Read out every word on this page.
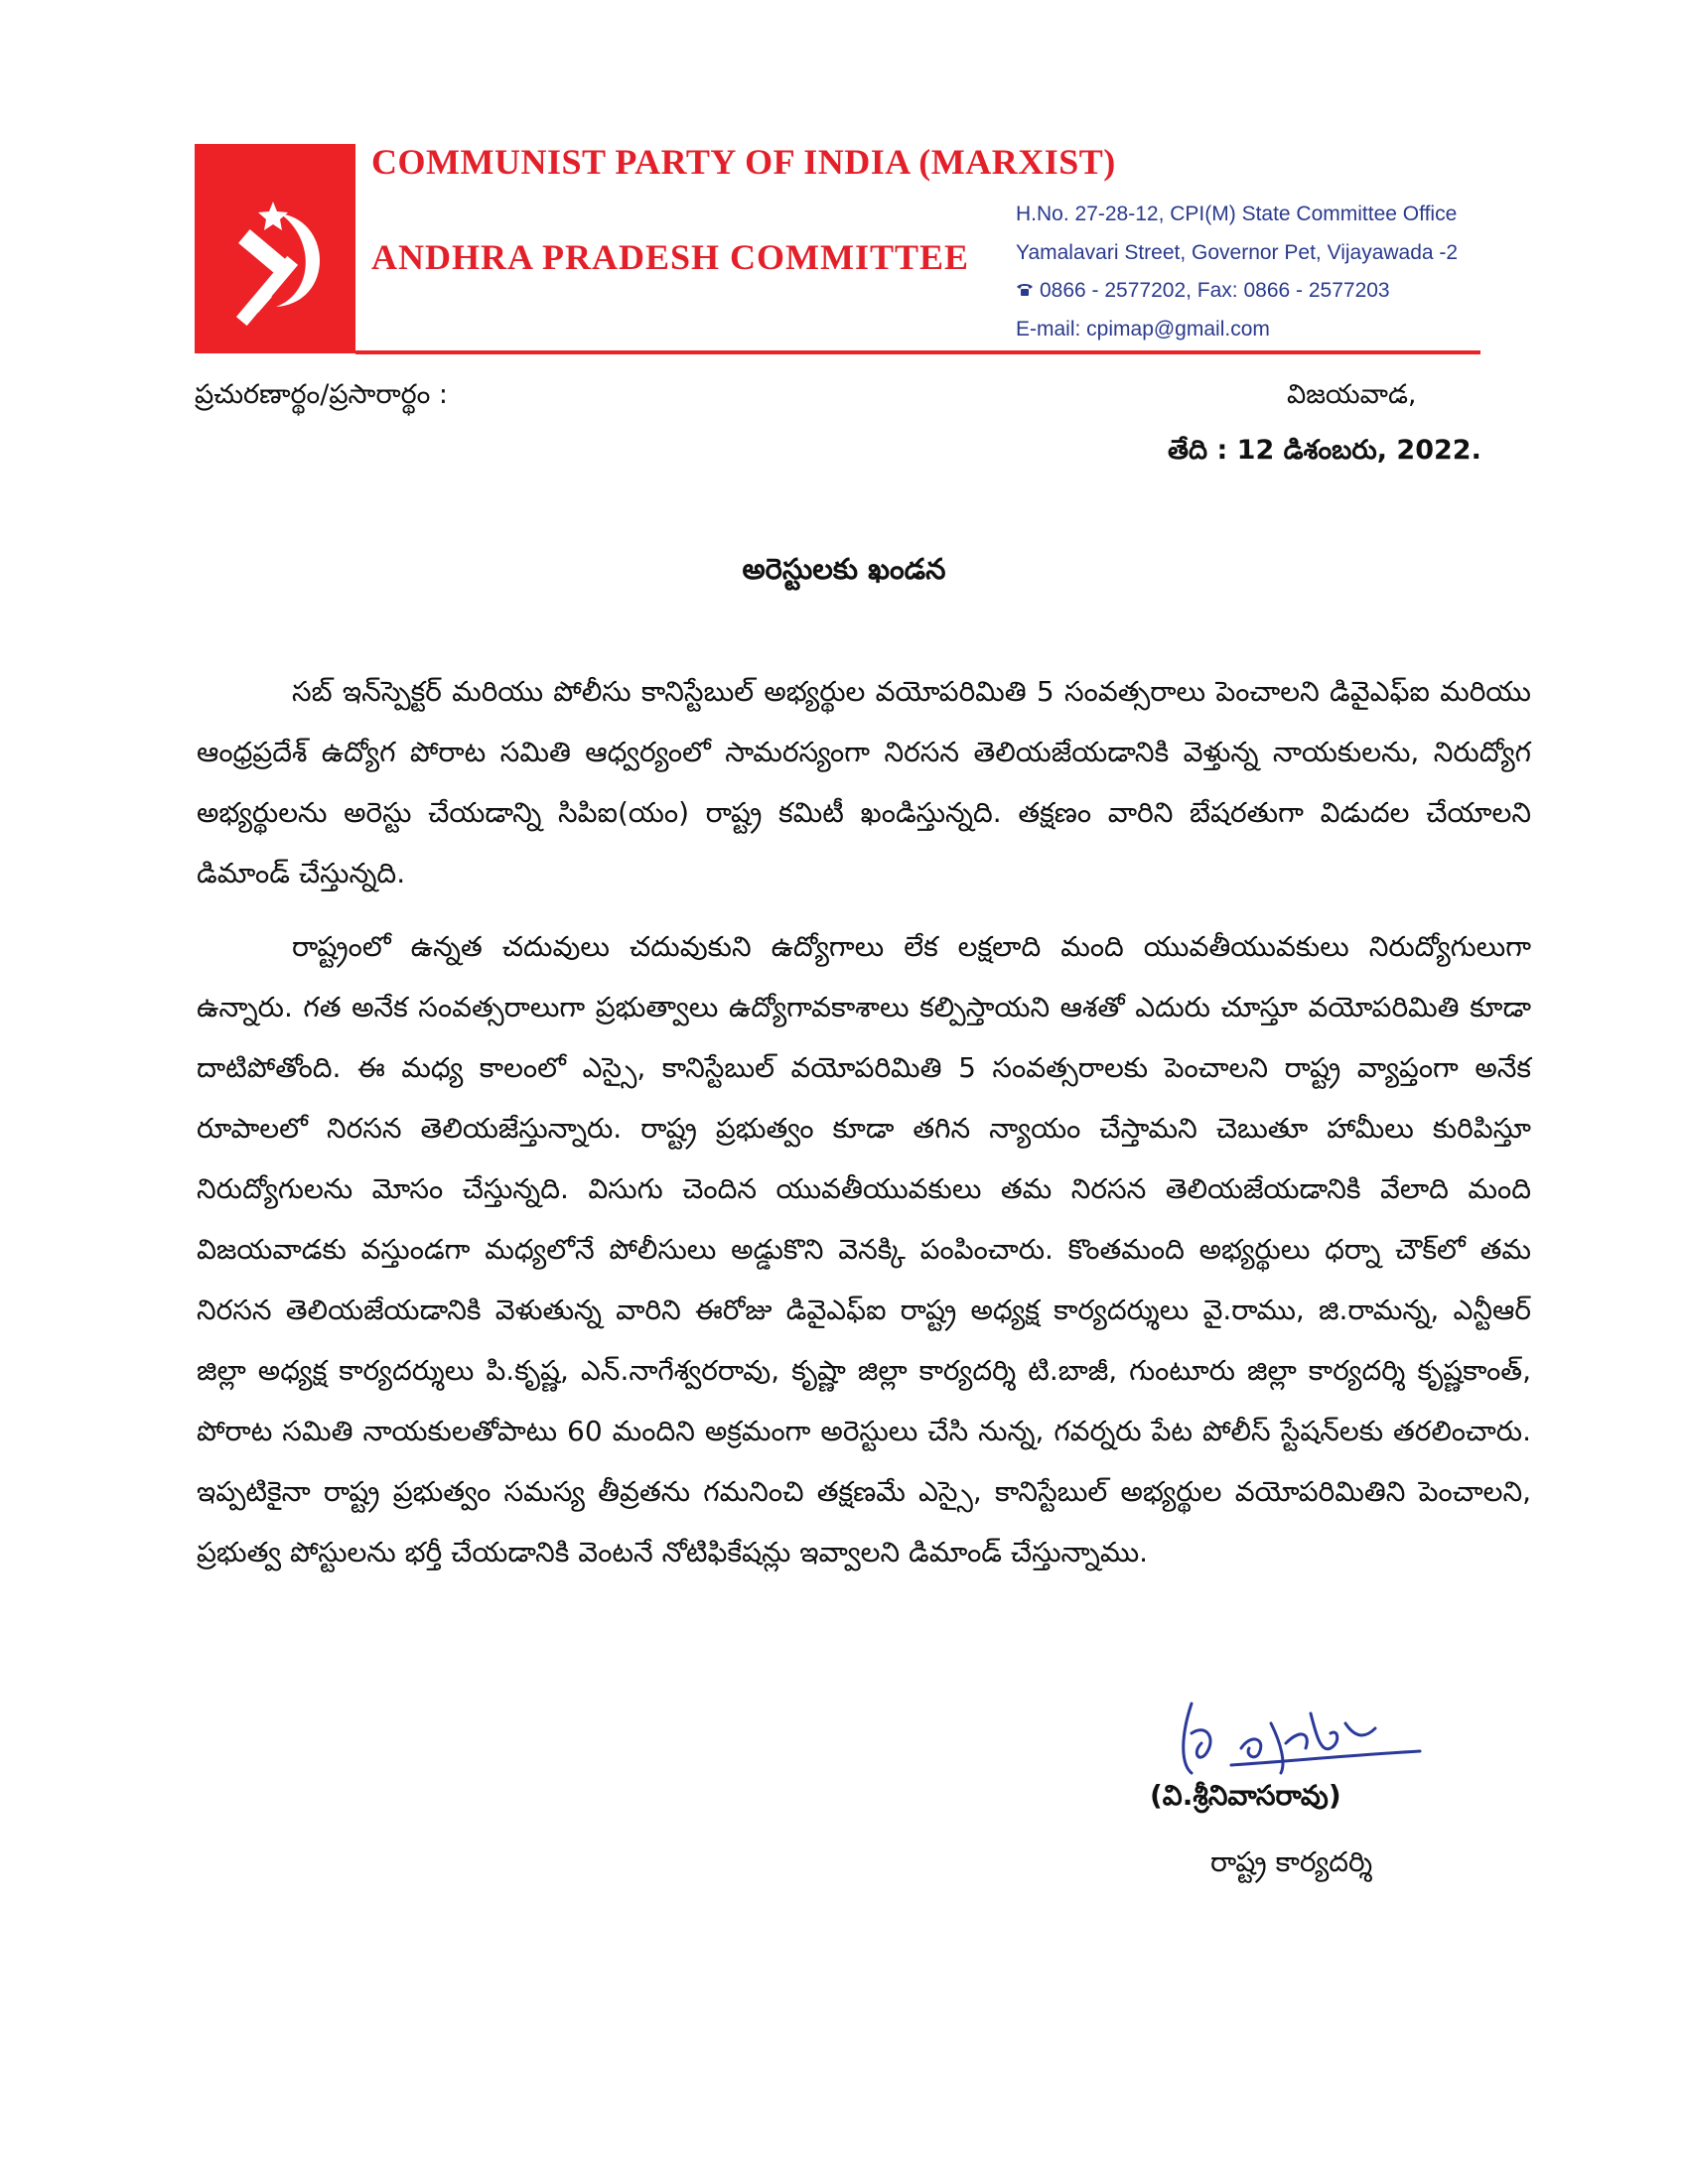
COMMUNIST PARTY OF INDIA (MARXIST)
ANDHRA PRADESH COMMITTEE
H.No. 27-28-12, CPI(M) State Committee Office
Yamalavari Street, Governor Pet, Vijayawada -2
0866 - 2577202, Fax: 0866 - 2577203
E-mail: cpimap@gmail.com
ప్రచురణార్థం/ప్రసారార్థం :	విజయవాడ,
తేది : 12 డిశంబరు, 2022.
అరెస్టులకు ఖండన

సబ్ ఇన్‌స్పెక్టర్ మరియు పోలీసు కానిస్టేబుల్ అభ్యర్థుల వయోపరిమితి 5 సంవత్సరాలు పెంచాలని డివైఎఫ్ఐ మరియు ఆంధ్రప్రదేశ్ ఉద్యోగ పోరాట సమితి ఆధ్వర్యంలో సామరస్యంగా నిరసన తెలియజేయడానికి వెళ్తున్న నాయకులను, నిరుద్యోగ అభ్యర్థులను అరెస్టు చేయడాన్ని సిపిఐ(యం) రాష్ట్ర కమిటీ ఖండిస్తున్నది. తక్షణం వారిని బేషరతుగా విడుదల చేయాలని డిమాండ్ చేస్తున్నది.

రాష్ట్రంలో ఉన్నత చదువులు చదువుకుని ఉద్యోగాలు లేక లక్షలాది మంది యువతీయువకులు నిరుద్యోగులుగా ఉన్నారు. గత అనేక సంవత్సరాలుగా ప్రభుత్వాలు ఉద్యోగావకాశాలు కల్పిస్తాయని ఆశతో ఎదురు చూస్తూ వయోపరిమితి కూడా దాటిపోతోంది. ఈ మధ్య కాలంలో ఎస్సై, కానిస్టేబుల్ వయోపరిమితి 5 సంవత్సరాలకు పెంచాలని రాష్ట్ర వ్యాప్తంగా అనేక రూపాలలో నిరసన తెలియజేస్తున్నారు. రాష్ట్ర ప్రభుత్వం కూడా తగిన న్యాయం చేస్తామని చెబుతూ హామీలు కురిపిస్తూ నిరుద్యోగులను మోసం చేస్తున్నది. విసుగు చెందిన యువతీయువకులు తమ నిరసన తెలియజేయడానికి వేలాది మంది విజయవాడకు వస్తుండగా మధ్యలోనే పోలీసులు అడ్డుకొని వెనక్కి పంపించారు. కొంతమంది అభ్యర్థులు ధర్నా చౌక్‌లో తమ నిరసన తెలియజేయడానికి వెళుతున్న వారిని ఈరోజు డివైఎఫ్ఐ రాష్ట్ర అధ్యక్ష కార్యదర్శులు వై.రాము, జి.రామన్న, ఎన్టీఆర్ జిల్లా అధ్యక్ష కార్యదర్శులు పి.కృష్ణ, ఎన్.నాగేశ్వరరావు, కృష్ణా జిల్లా కార్యదర్శి టి.బాజీ, గుంటూరు జిల్లా కార్యదర్శి కృష్ణకాంత్, పోరాట సమితి నాయకులతోపాటు 60 మందిని అక్రమంగా అరెస్టులు చేసి నున్న, గవర్నరు పేట పోలీస్ స్టేషన్‌లకు తరలించారు. ఇప్పటికైనా రాష్ట్ర ప్రభుత్వం సమస్య తీవ్రతను గమనించి తక్షణమే ఎస్సై, కానిస్టేబుల్ అభ్యర్థుల వయోపరిమితిని పెంచాలని, ప్రభుత్వ పోస్టులను భర్తీ చేయడానికి వెంటనే నోటిఫికేషన్లు ఇవ్వాలని డిమాండ్ చేస్తున్నాము.

(వి.శ్రీనివాసరావు)
రాష్ట్ర కార్యదర్శి
